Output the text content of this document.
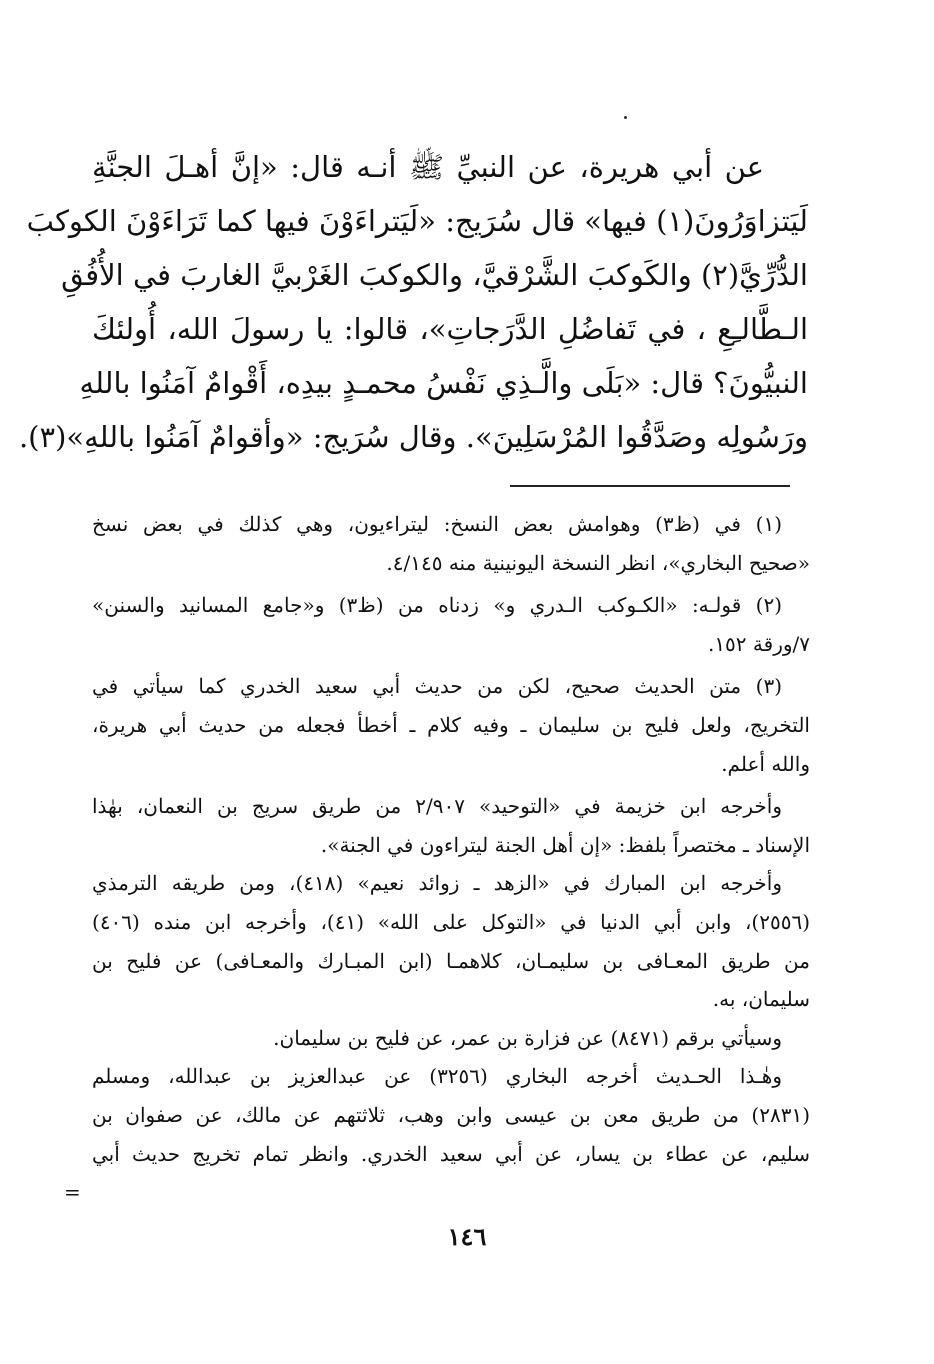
عن أبي هريرة، عن النبيِّ ﷺ أنـه قال: «إنَّ أهـلَ الجنَّةِ
لَيَتزاوَرُونَ(١) فيها» قال سُرَيج: «لَيَتراءَوْنَ فيها كما تَرَاءَوْنَ الكوكبَ
الدُّرِّيَّ(٢) والكَوكبَ الشَّرْقيَّ، والكوكبَ الغَرْبيَّ الغاربَ في الأُفُقِ
الـطَّالـِعِ ، في تَفاضُلِ الدَّرَجاتِ»، قالوا: يا رسولَ الله، أُولئكَ
النبيُّونَ؟ قال: «بَلَى والَّـذِي نَفْسُ محمـدٍ بيدِه، أَقْوامٌ آمَنُوا باللهِ
ورَسُولِه وصَدَّقُوا المُرْسَلِينَ». وقال سُرَيج: «وأقوامٌ آمَنُوا باللهِ»(٣).
(١) في (ظ٣) وهوامش بعض النسخ: ليتراءيون، وهي كذلك في بعض نسخ
«صحيح البخاري»، انظر النسخة اليونينية منه ٤/١٤٥.
(٢) قولـه: «الكـوكب الـدري و» زدناه من (ظ٣) و«جامع المسانيد والسنن»
٧/ورقة ١٥٢.
(٣) متن الحديث صحيح، لكن من حديث أبي سعيد الخدري كما سيأتي في
التخريج، ولعل فليح بن سليمان ـ وفيه كلام ـ أخطأ فجعله من حديث أبي هريرة،
والله أعلم.
وأخرجه ابن خزيمة في «التوحيد» ٢/٩٠٧ من طريق سريج بن النعمان، بهٰذا
الإسناد ـ مختصراً بلفظ: «إن أهل الجنة ليتراءون في الجنة».
وأخرجه ابن المبارك في «الزهد ـ زوائد نعيم» (٤١٨)، ومن طريقه الترمذي
(٢٥٥٦)، وابن أبي الدنيا في «التوكل على الله» (٤١)، وأخرجه ابن منده (٤٠٦)
من طريق المعـافى بن سليمـان، كلاهمـا (ابن المبـارك والمعـافى) عن فليح بن
سليمان، به.
وسيأتي برقم (٨٤٧١) عن فزارة بن عمر، عن فليح بن سليمان.
وهٰـذا الحـديث أخرجه البخاري (٣٢٥٦) عن عبدالعزيز بن عبدالله، ومسلم
(٢٨٣١) من طريق معن بن عيسى وابن وهب، ثلاثتهم عن مالك، عن صفوان بن
سليم، عن عطاء بن يسار، عن أبي سعيد الخدري. وانظر تمام تخريج حديث أبي
=
١٤٦
